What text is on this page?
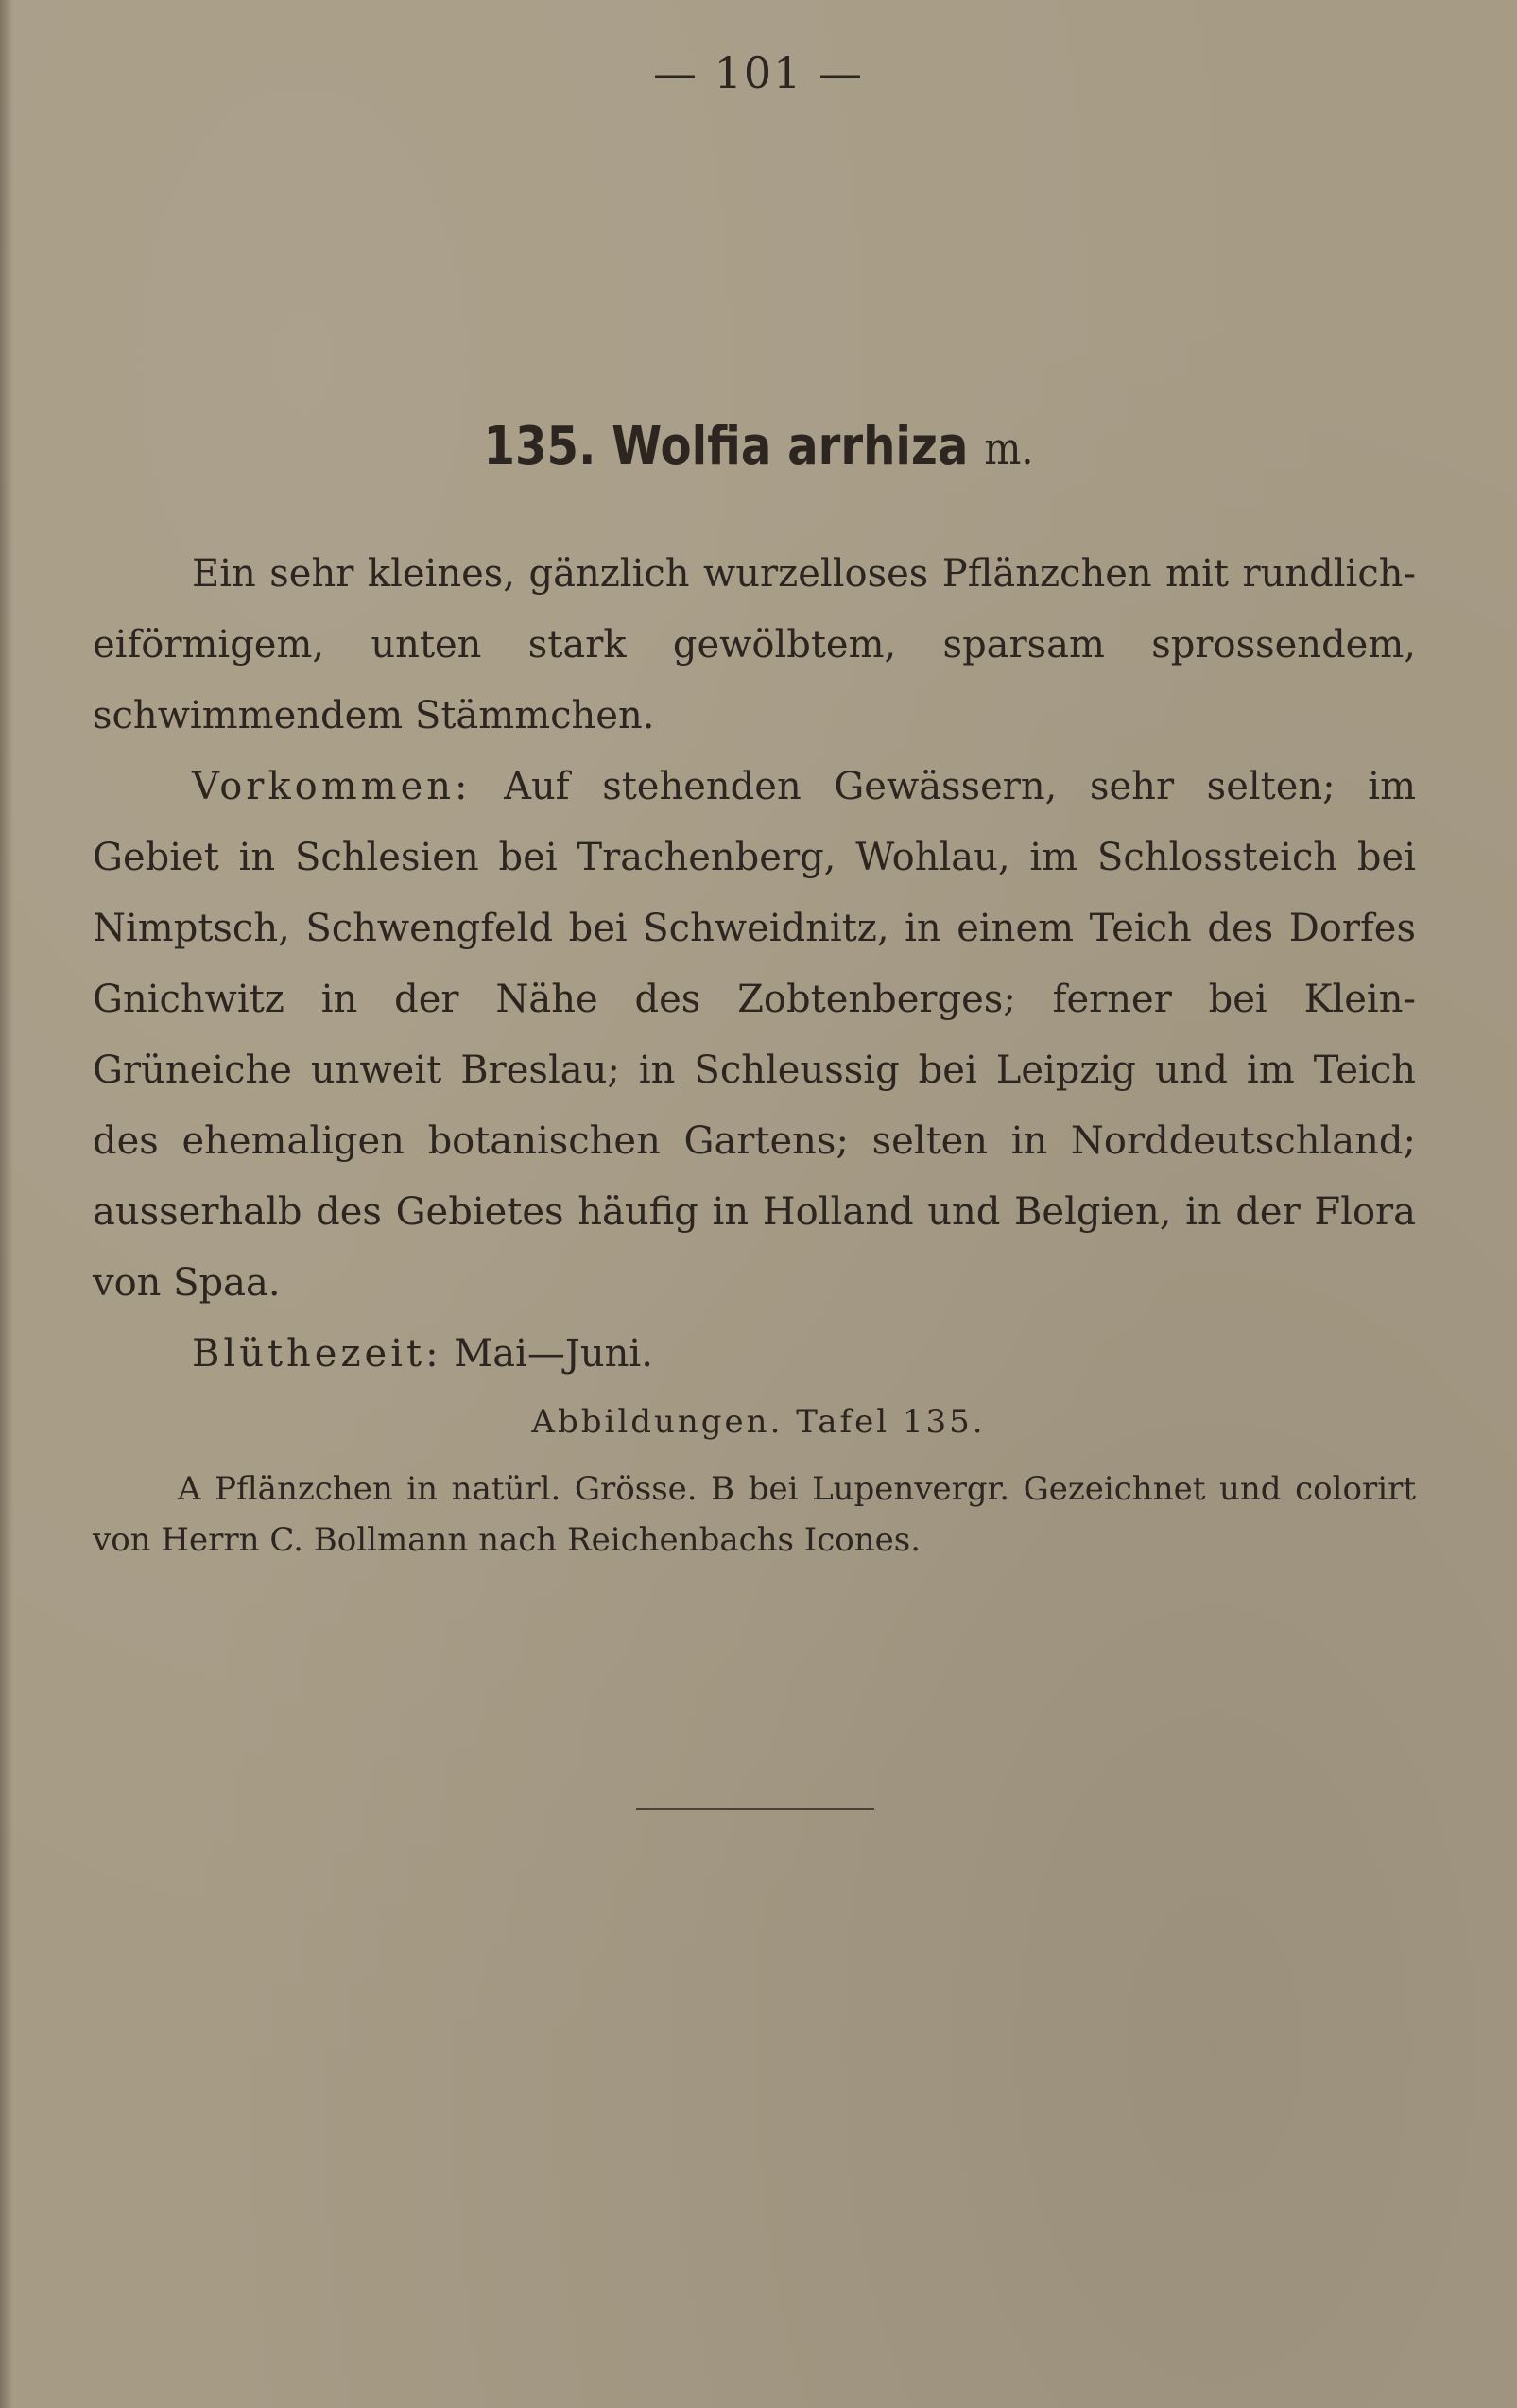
— 101 —
135. Wolfia arrhiza m.

Ein sehr kleines, gänzlich wurzelloses Pflänzchen mit rundlich-eiförmigem, unten stark gewölbtem, sparsam sprossendem, schwimmendem Stämmchen.

Vorkommen: Auf stehenden Gewässern, sehr selten; im Gebiet in Schlesien bei Trachenberg, Wohlau, im Schlossteich bei Nimptsch, Schwengfeld bei Schweidnitz, in einem Teich des Dorfes Gnichwitz in der Nähe des Zobtenberges; ferner bei Klein-Grüneiche unweit Breslau; in Schleussig bei Leipzig und im Teich des ehemaligen botanischen Gartens; selten in Norddeutschland; ausserhalb des Gebietes häufig in Holland und Belgien, in der Flora von Spaa.

Blüthezeit: Mai—Juni.

Abbildungen. Tafel 135.

A Pflänzchen in natürl. Grösse. B bei Lupenvergr. Gezeichnet und colorirt von Herrn C. Bollmann nach Reichenbachs Icones.
